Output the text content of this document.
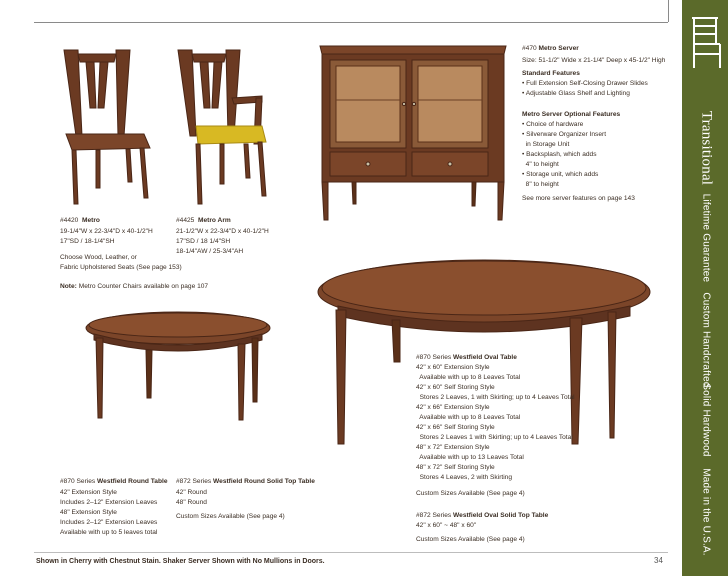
Transitional
Lifetime Guarantee
Custom Handcrafted
Solid Hardwood
Made in the U.S.A.
#4420 Metro
19-1/4"W x 22-3/4"D x 40-1/2"H
17"SD / 18-1/4"SH
Choose Wood, Leather, or
Fabric Upholstered Seats (See page 153)
#4425 Metro Arm
21-1/2"W x 22-3/4"D x 40-1/2"H
17"SD / 18 1/4"SH
18-1/4"AW / 25-3/4"AH
Note: Metro Counter Chairs available on page 107
#470 Metro Server
Size: 51-1/2" Wide x 21-1/4" Deep x 45-1/2" High
Standard Features
• Full Extension Self-Closing Drawer Slides
• Adjustable Glass Shelf and Lighting
Metro Server Optional Features
• Choice of hardware
• Silverware Organizer Insert
in Storage Unit
• Backsplash, which adds
4" to height
• Storage unit, which adds
8" to height
See more server features on page 143
#870 Series Westfield Oval Table
42" x 60" Extension Style
Available with up to 8 Leaves Total
42" x 60" Self Storing Style
Stores 2 Leaves, 1 with Skirting; up to 4 Leaves Total
42" x 66" Extension Style
Available with up to 8 Leaves Total
42" x 66" Self Storing Style
Stores 2 Leaves 1 with Skirting; up to 4 Leaves Total
48" x 72" Extension Style
Available with up to 13 Leaves Total
48" x 72" Self Storing Style
Stores 4 Leaves, 2 with Skirting
Custom Sizes Available (See page 4)
#872 Series Westfield Oval Solid Top Table
42" x 60" ~ 48" x 60"
Custom Sizes Available (See page 4)
#870 Series Westfield Round Table
42" Extension Style
Includes 2–12" Extension Leaves
48" Extension Style
Includes 2–12" Extension Leaves
Available with up to 5 leaves total
#872 Series Westfield Round Solid Top Table
42" Round
48" Round
Custom Sizes Available (See page 4)
Shown in Cherry with Chestnut Stain. Shaker Server Shown with No Mullions in Doors.	34
